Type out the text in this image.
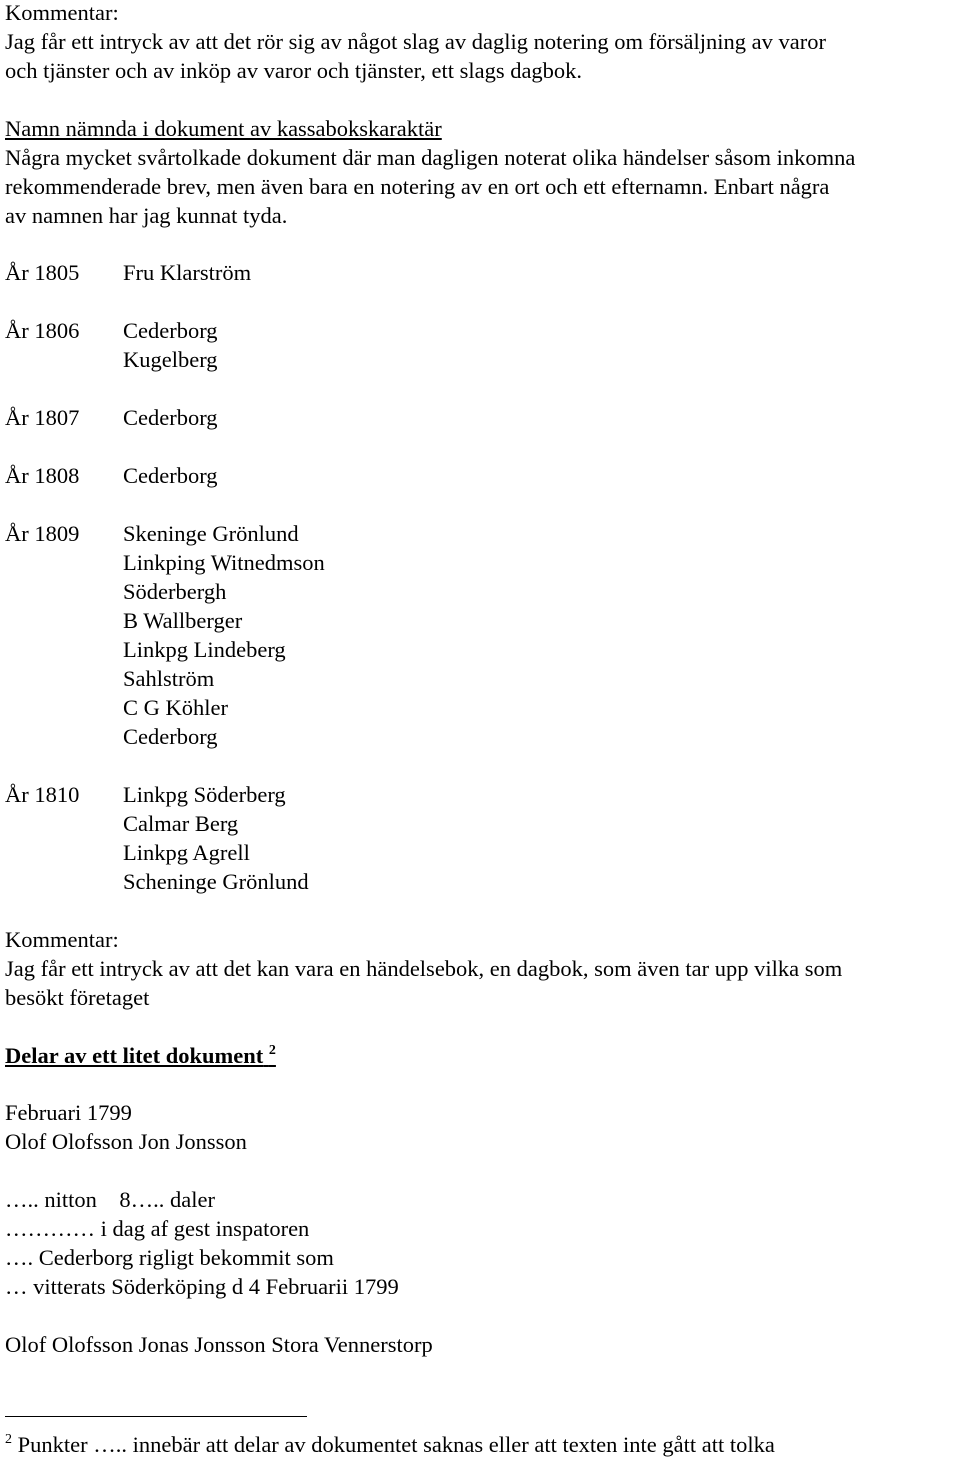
Kommentar:
Jag får ett intryck av att det rör sig av något slag av daglig notering om försäljning av varor
och tjänster och av inköp av varor och tjänster, ett slags dagbok.
Namn nämnda i dokument av kassabokskaraktär
Några mycket svårtolkade dokument där man dagligen noterat olika händelser såsom inkomna
rekommenderade brev, men även bara en notering av en ort och ett efternamn. Enbart några
av namnen har jag kunnat tyda.
År 1805 Fru Klarström
År 1806 Cederborg
Kugelberg
År 1807 Cederborg
År 1808 Cederborg
År 1809 Skeninge Grönlund
Linkping Witnedmson
Söderbergh
B Wallberger
Linkpg Lindeberg
Sahlström
C G Köhler
Cederborg
År 1810 Linkpg Söderberg
Calmar Berg
Linkpg Agrell
Scheninge Grönlund
Kommentar:
Jag får ett intryck av att det kan vara en händelsebok, en dagbok, som även tar upp vilka som
besökt företaget
Delar av ett litet dokument $^2$
Februari 1799
Olof Olofsson Jon Jonsson
….. nitton    8….. daler
………… i dag af gest inspatoren
…. Cederborg rigligt bekommit som
… vitterats Söderköping d 4 Februarii 1799
Olof Olofsson Jonas Jonsson Stora Vennerstorp
$^2$ Punkter ….. innebär att delar av dokumentet saknas eller att texten inte gått att tolka
